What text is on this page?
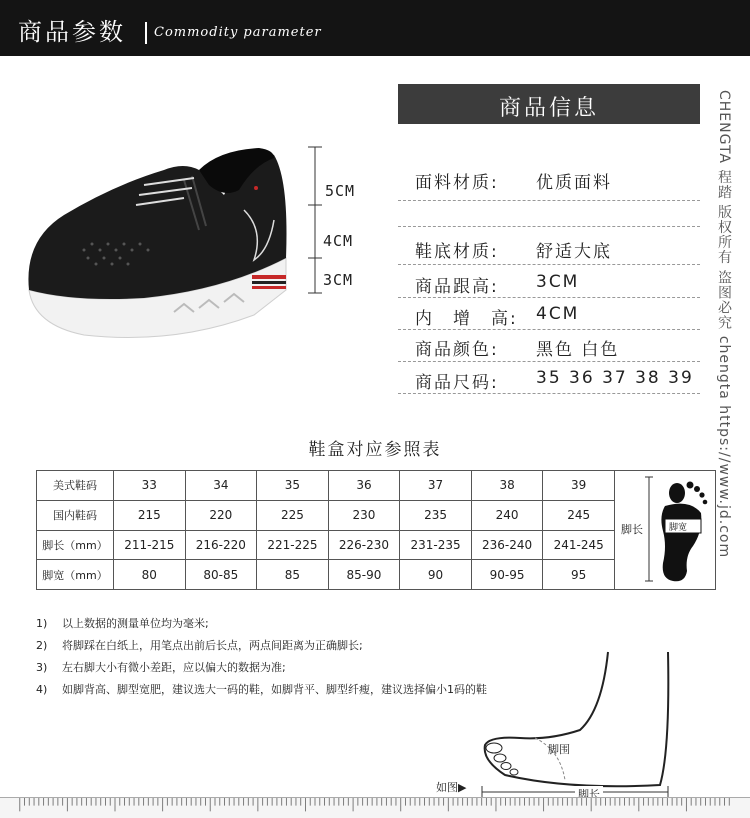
商品参数 Commodity parameter
5CM
4CM
3CM
商品信息
面料材质: 优质面料
鞋底材质: 舒适大底
商品跟高: 3CM
内　增　高: 4CM
商品颜色: 黑色 白色
商品尺码: 35 36 37 38 39 CHENGTA 程踏 版权所有 盗图必究 chengta https://www.jd.com
鞋盒对应参照表
美式鞋码	33	34	35	36	37	38	39	脚长 脚宽

国内鞋码	215	220	225	230	235	240	245	
脚长（mm）	211-215	216-220	221-225	226-230	231-235	236-240	241-245	
脚宽（mm）	80	80-85	85	85-90	90	90-95	95	
1) 以上数据的测量单位均为毫米;
2) 将脚踩在白纸上，用笔点出前后长点，两点间距离为正确脚长;
3) 左右脚大小有微小差距，应以偏大的数据为准;
4) 如脚背高、脚型宽肥，建议选大一码的鞋，如脚背平、脚型纤瘦，建议选择偏小1码的鞋
脚围
如图▶
脚长
